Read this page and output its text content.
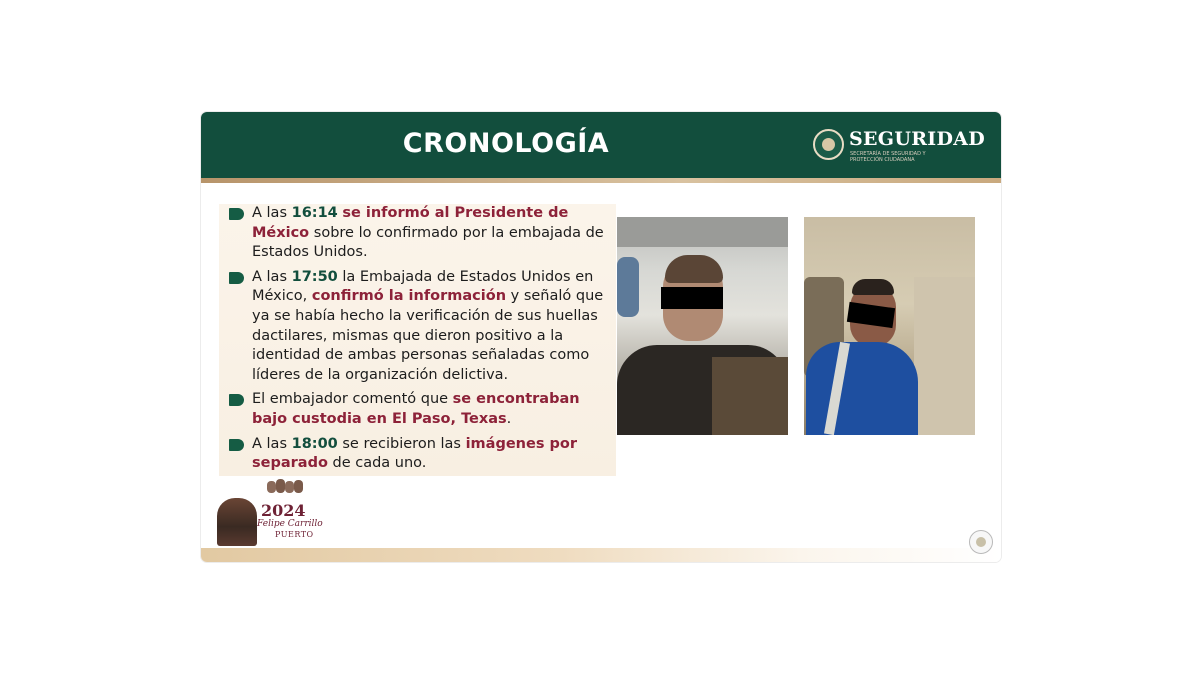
CRONOLOGÍA	SEGURIDAD
SECRETARÍA DE SEGURIDAD Y PROTECCIÓN CIUDADANA
A las 16:14 se informó al Presidente de México sobre lo confirmado por la embajada de Estados Unidos.
A las 17:50 la Embajada de Estados Unidos en México, confirmó la información y señaló que ya se había hecho la verificación de sus huellas dactilares, mismas que dieron positivo a la identidad de ambas personas señaladas como líderes de la organización delictiva.
El embajador comentó que se encontraban bajo custodia en El Paso, Texas.
A las 18:00 se recibieron las imágenes por separado de cada uno.
2024
Felipe Carrillo
PUERTO
